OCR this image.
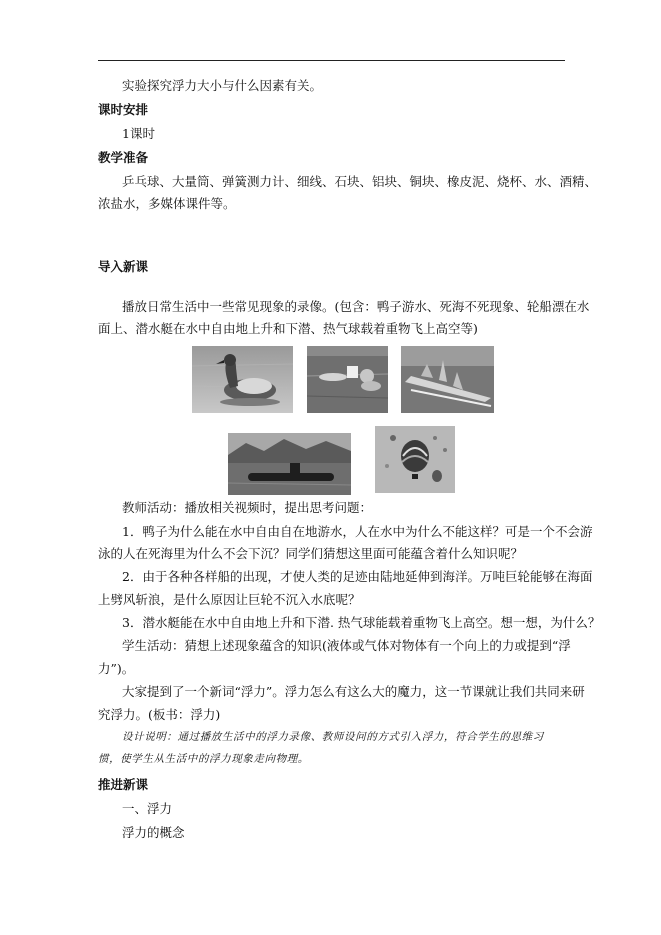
实验探究浮力大小与什么因素有关。
课时安排
1课时
教学准备
乒乓球、大量筒、弹簧测力计、细线、石块、铝块、铜块、橡皮泥、烧杯、水、酒精、
浓盐水，多媒体课件等。
导入新课
播放日常生活中一些常见现象的录像。(包含：鸭子游水、死海不死现象、轮船漂在水
面上、潜水艇在水中自由地上升和下潜、热气球载着重物飞上高空等)
教师活动：播放相关视频时，提出思考问题：
1．鸭子为什么能在水中自由自在地游水，人在水中为什么不能这样？可是一个不会游
泳的人在死海里为什么不会下沉？同学们猜想这里面可能蕴含着什么知识呢？
2．由于各种各样船的出现，才使人类的足迹由陆地延伸到海洋。万吨巨轮能够在海面
上劈风斩浪，是什么原因让巨轮不沉入水底呢？
3．潜水艇能在水中自由地上升和下潜. 热气球能载着重物飞上高空。想一想，为什么？
学生活动：猜想上述现象蕴含的知识(液体或气体对物体有一个向上的力或提到“浮
力”)。
大家提到了一个新词“浮力”。浮力怎么有这么大的魔力，这一节课就让我们共同来研
究浮力。(板书：浮力)
设计说明：通过播放生活中的浮力录像、教师设问的方式引入浮力，符合学生的思维习
惯，使学生从生活中的浮力现象走向物理。
推进新课
一、浮力
浮力的概念
